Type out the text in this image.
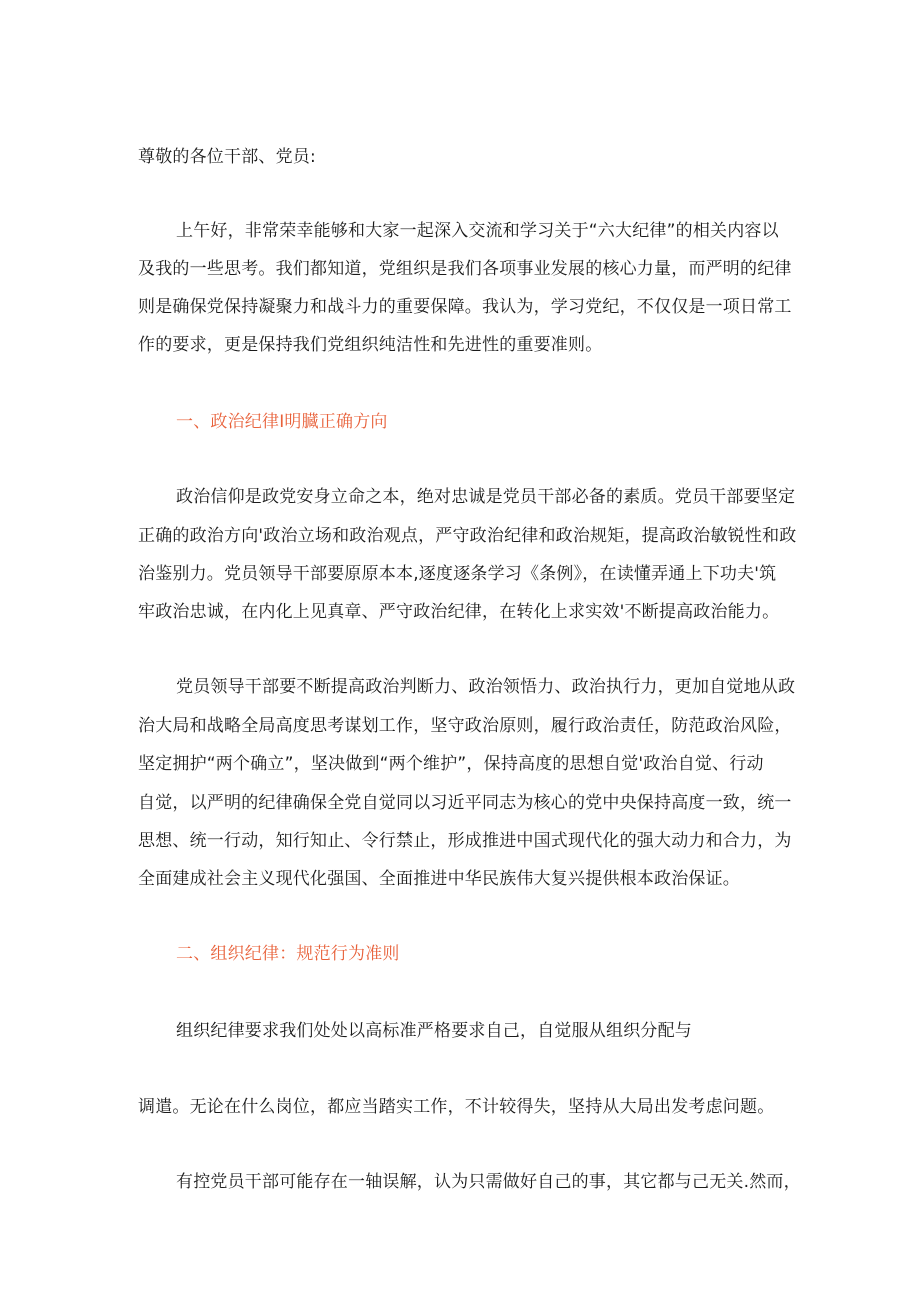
尊敬的各位干部、党员:
上午好，非常荣幸能够和大家一起深入交流和学习关于“六大纪律”的相关内容以
及我的一些思考。我们都知道，党组织是我们各项事业发展的核心力量，而严明的纪律
则是确保党保持凝聚力和战斗力的重要保障。我认为，学习党纪，不仅仅是一项日常工
作的要求，更是保持我们党组织纯洁性和先进性的重要准则。
一、政治纪律I明臓正确方向
政治信仰是政党安身立命之本，绝对忠诚是党员干部必备的素质。党员干部要坚定
正确的政治方向'政治立场和政治观点，严守政治纪律和政治规矩，提高政治敏锐性和政
治鉴别力。党员领导干部要原原本本,逐度逐条学习《条例》，在读懂弄通上下功夫'筑
牢政治忠诚，在内化上见真章、严守政治纪律，在转化上求实效'不断提高政治能力。
党员领导干部要不断提高政治判断力、政治领悟力、政治执行力，更加自觉地从政
治大局和战略全局高度思考谋划工作，坚守政治原则，履行政治责任，防范政治风险，
坚定拥护“两个确立”，坚决做到“两个维护”，保持高度的思想自觉'政治自觉、行动
自觉，以严明的纪律确保全党自觉同以习近平同志为核心的党中央保持高度一致，统一
思想、统一行动，知行知止、令行禁止，形成推进中国式现代化的强大动力和合力，为
全面建成社会主义现代化强国、全面推进中华民族伟大复兴提供根本政治保证。
二、组织纪律：规范行为准则
组织纪律要求我们处处以高标准严格要求自己，自觉服从组织分配与
调遣。无论在什么岗位，都应当踏实工作，不计较得失，坚持从大局出发考虑问题。
有控党员干部可能存在一轴误解，认为只需做好自己的事，其它都与己无关.然而，
